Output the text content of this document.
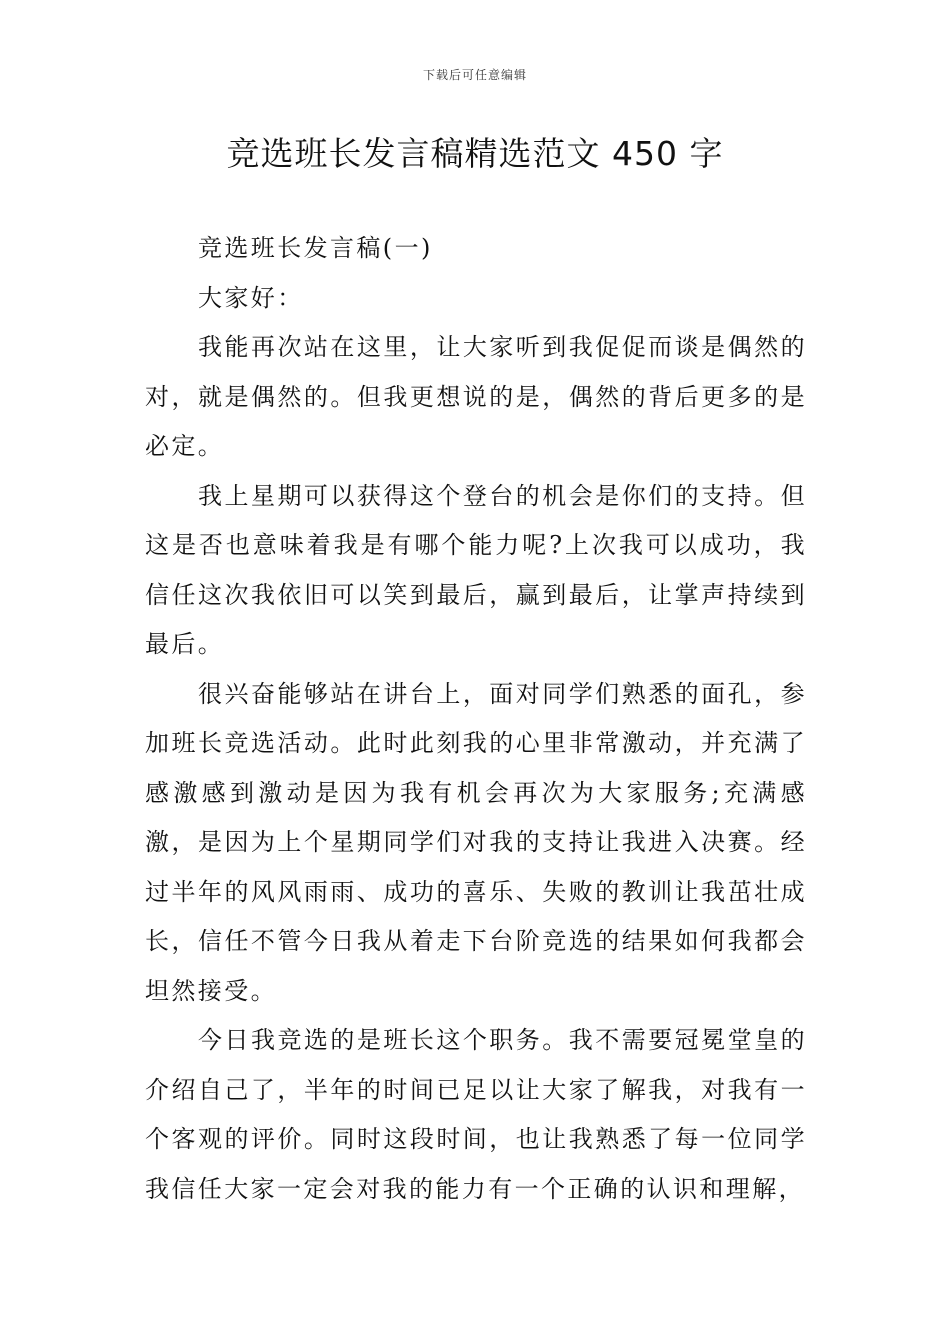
下载后可任意编辑
竞选班长发言稿精选范文 450 字

竞选班长发言稿(一)

大家好：

我能再次站在这里，让大家听到我促促而谈是偶然的对，就是偶然的。但我更想说的是，偶然的背后更多的是必定。

我上星期可以获得这个登台的机会是你们的支持。但这是否也意味着我是有哪个能力呢?上次我可以成功，我信任这次我依旧可以笑到最后，赢到最后，让掌声持续到最后。

很兴奋能够站在讲台上，面对同学们熟悉的面孔，参加班长竞选活动。此时此刻我的心里非常激动，并充满了感激感到激动是因为我有机会再次为大家服务;充满感激，是因为上个星期同学们对我的支持让我进入决赛。经过半年的风风雨雨、成功的喜乐、失败的教训让我茁壮成长，信任不管今日我从着走下台阶竞选的结果如何我都会坦然接受。

今日我竞选的是班长这个职务。我不需要冠冕堂皇的介绍自己了，半年的时间已足以让大家了解我，对我有一个客观的评价。同时这段时间，也让我熟悉了每一位同学我信任大家一定会对我的能力有一个正确的认识和理解，
